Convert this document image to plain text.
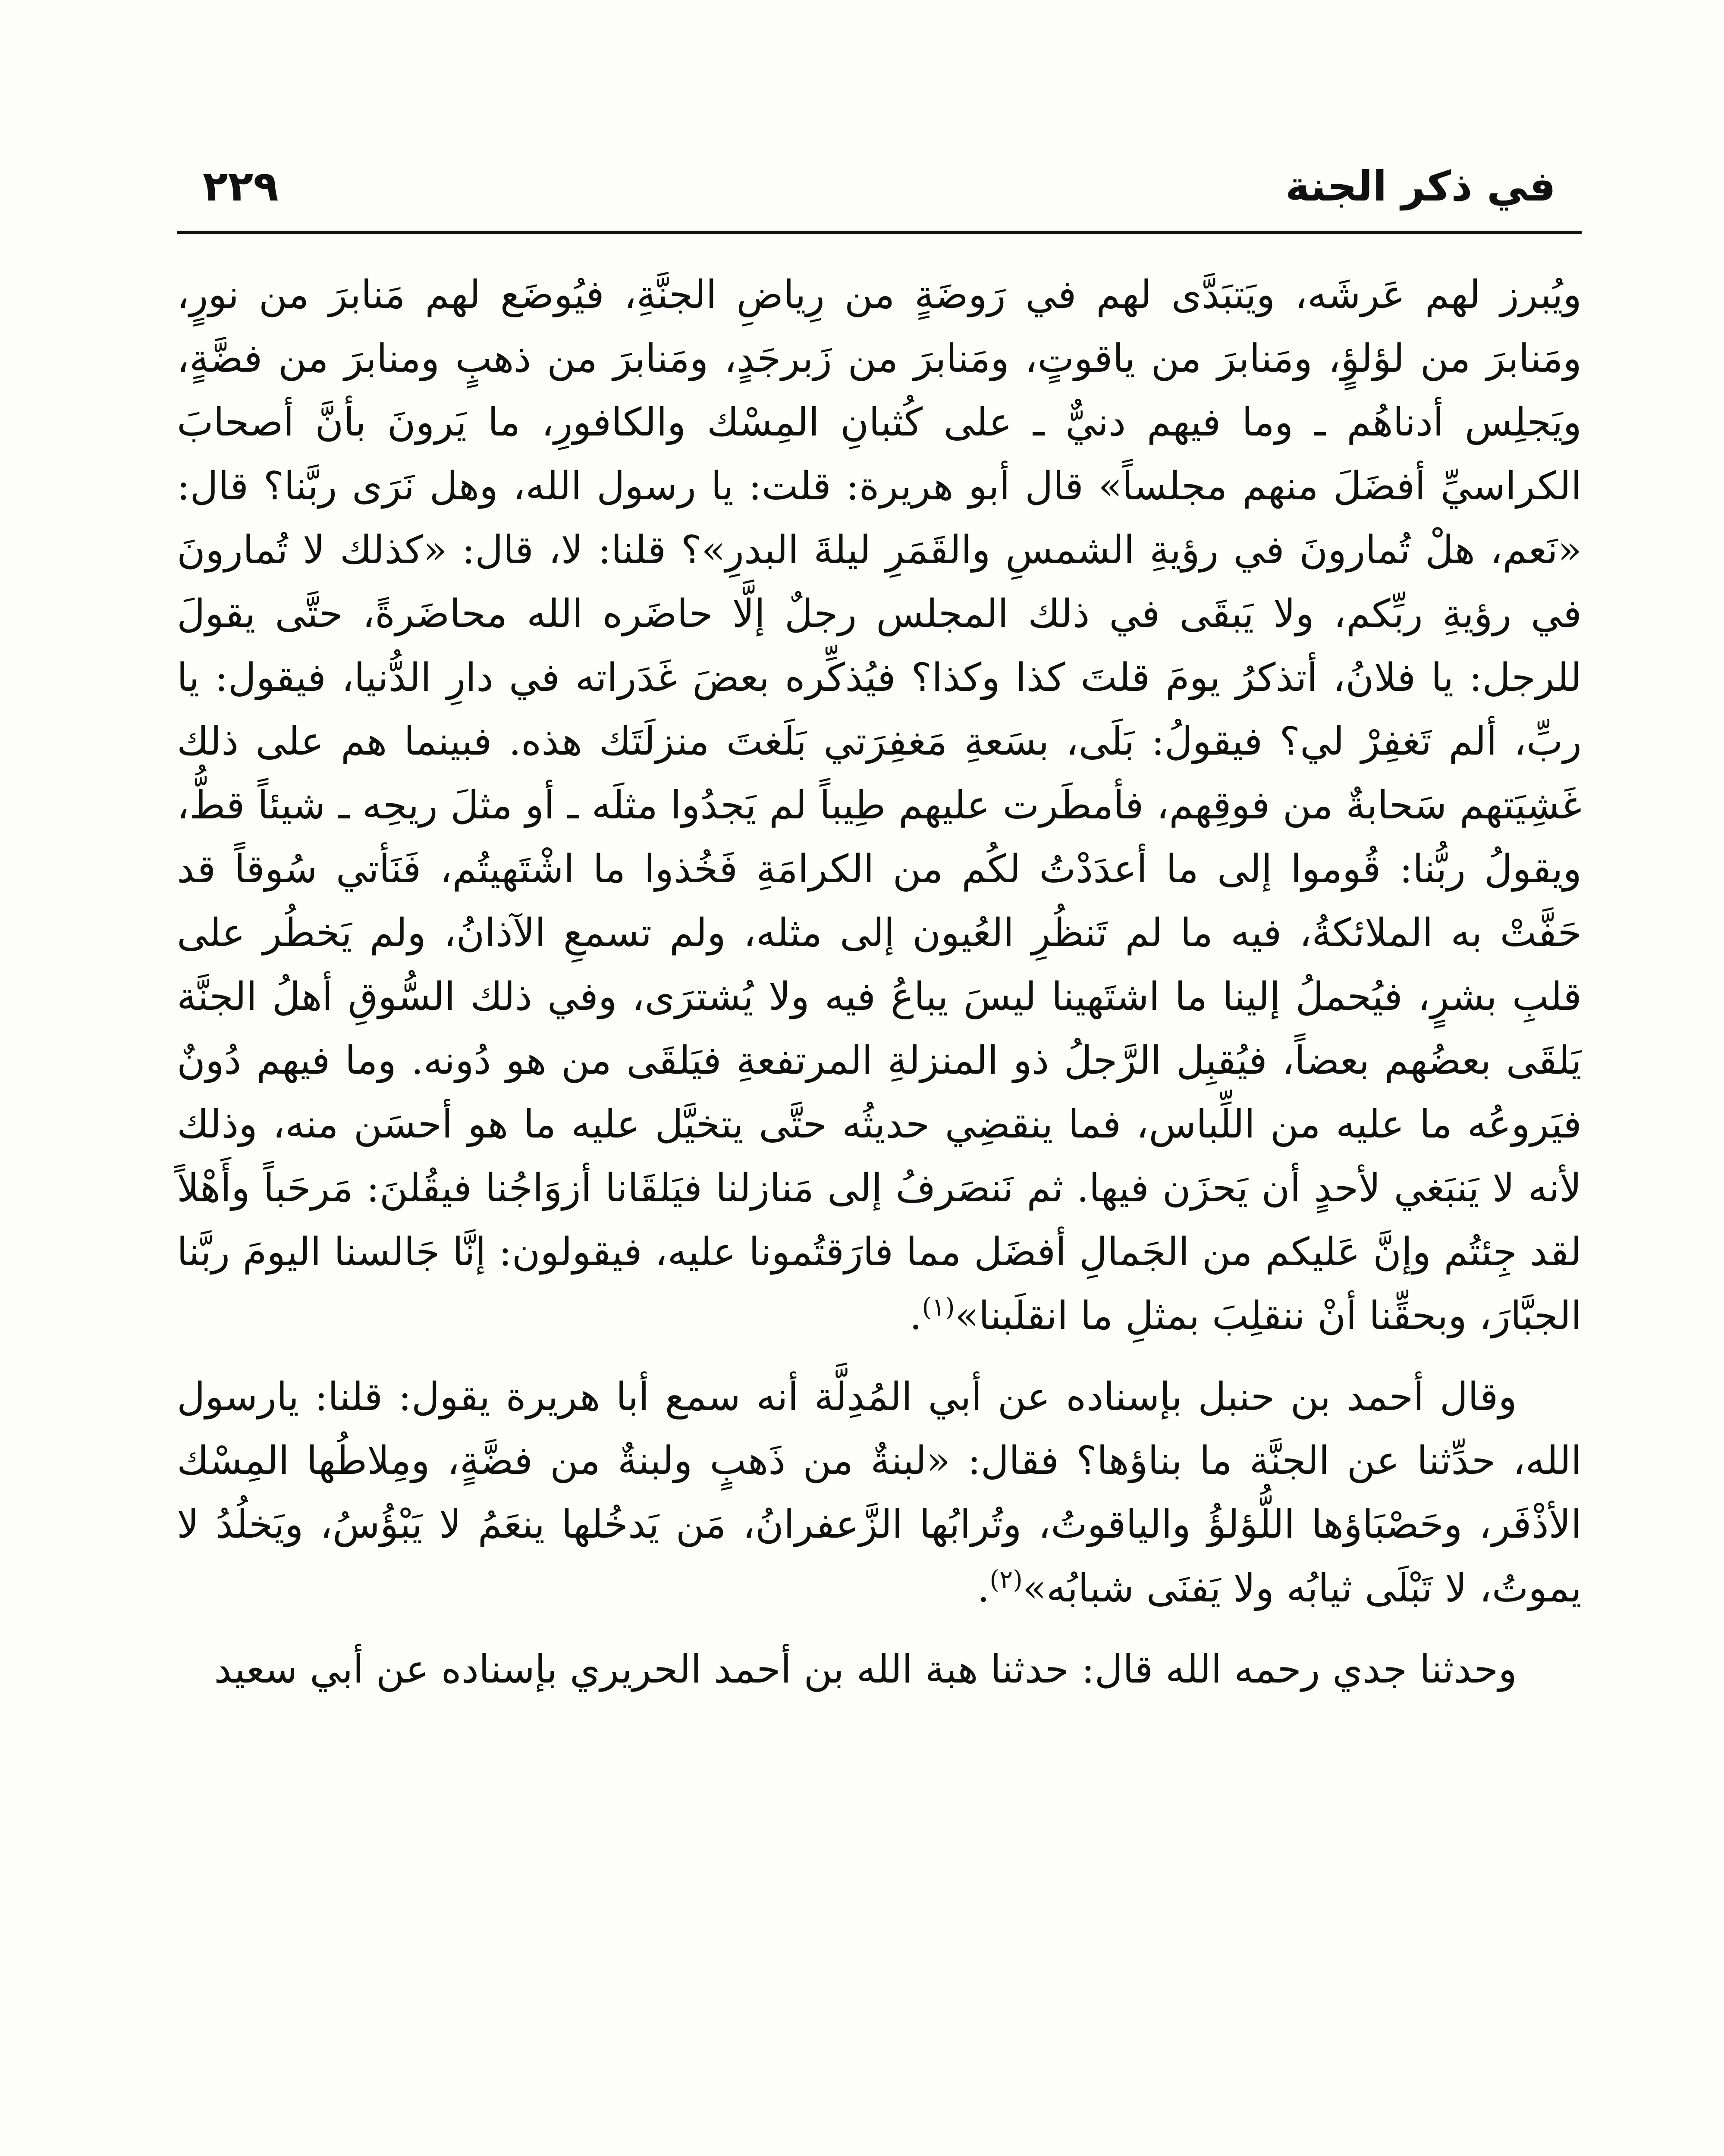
في ذكر الجنة
٢٢٩

ويُبرز لهم عَرشَه، ويَتبَدَّى لهم في رَوضَةٍ من رِياضِ الجنَّةِ، فيُوضَع لهم مَنابرَ من نورٍ، ومَنابرَ من لؤلؤٍ، ومَنابرَ من ياقوتٍ، ومَنابرَ من زَبرجَدٍ، ومَنابرَ من ذهبٍ ومنابرَ من فضَّةٍ، ويَجلِس أدناهُم ـ وما فيهم دنيٌّ ـ على كُثبانِ المِسْك والكافورِ، ما يَرونَ بأنَّ أصحابَ الكراسيِّ أفضَلَ منهم مجلساً» قال أبو هريرة: قلت: يا رسول الله، وهل نَرَى ربَّنا؟ قال: «نَعم، هلْ تُمارونَ في رؤيةِ الشمسِ والقَمَرِ ليلةَ البدرِ»؟ قلنا: لا، قال: «كذلك لا تُمارونَ في رؤيةِ ربِّكم، ولا يَبقَى في ذلك المجلس رجلٌ إلَّا حاضَره الله محاضَرةً، حتَّى يقولَ للرجل: يا فلانُ، أتذكرُ يومَ قلتَ كذا وكذا؟ فيُذكِّره بعضَ غَدَراته في دارِ الدُّنيا، فيقول: يا ربِّ، ألم تَغفِرْ لي؟ فيقولُ: بَلَى، بسَعةِ مَغفِرَتي بَلَغتَ منزلَتَك هذه. فبينما هم على ذلك غَشِيَتهم سَحابةٌ من فوقِهم، فأمطَرت عليهم طِيباً لم يَجدُوا مثلَه ـ أو مثلَ ريحِه ـ شيئاً قطُّ، ويقولُ ربُّنا: قُوموا إلى ما أعدَدْتُ لكُم من الكرامَةِ فَخُذوا ما اشْتَهيتُم، فَنَأتي سُوقاً قد حَفَّتْ به الملائكةُ، فيه ما لم تَنظُرِ العُيون إلى مثله، ولم تسمعِ الآذانُ، ولم يَخطُر على قلبِ بشرٍ، فيُحملُ إلينا ما اشتَهينا ليسَ يباعُ فيه ولا يُشترَى، وفي ذلك السُّوقِ أهلُ الجنَّة يَلقَى بعضُهم بعضاً، فيُقبِل الرَّجلُ ذو المنزلةِ المرتفعةِ فيَلقَى من هو دُونه. وما فيهم دُونٌ فيَروعُه ما عليه من اللِّباس، فما ينقضِي حديثُه حتَّى يتخيَّل عليه ما هو أحسَن منه، وذلك لأنه لا يَنبَغي لأحدٍ أن يَحزَن فيها. ثم نَنصَرفُ إلى مَنازلنا فيَلقَانا أزوَاجُنا فيقُلنَ: مَرحَباً وأَهْلاً لقد جِئتُم وإنَّ عَليكم من الجَمالِ أفضَل مما فارَقتُمونا عليه، فيقولون: إنَّا جَالسنا اليومَ ربَّنا الجبَّارَ، وبحقِّنا أنْ ننقلِبَ بمثلِ ما انقلَبنا»$^{(١)}$.

وقال أحمد بن حنبل بإسناده عن أبي المُدِلَّة أنه سمع أبا هريرة يقول: قلنا: يارسول الله، حدِّثنا عن الجنَّة ما بناؤها؟ فقال: «لبنةٌ من ذَهبٍ ولبنةٌ من فضَّةٍ، ومِلاطُها المِسْك الأذْفَر، وحَصْبَاؤها اللُّؤلؤُ والياقوتُ، وتُرابُها الزَّعفرانُ، مَن يَدخُلها ينعَمُ لا يَبْؤُسُ، ويَخلُدُ لا يموتُ، لا تَبْلَى ثيابُه ولا يَفنَى شبابُه»$^{(٢)}$.

وحدثنا جدي رحمه الله قال: حدثنا هبة الله بن أحمد الحريري بإسناده عن أبي سعيد
